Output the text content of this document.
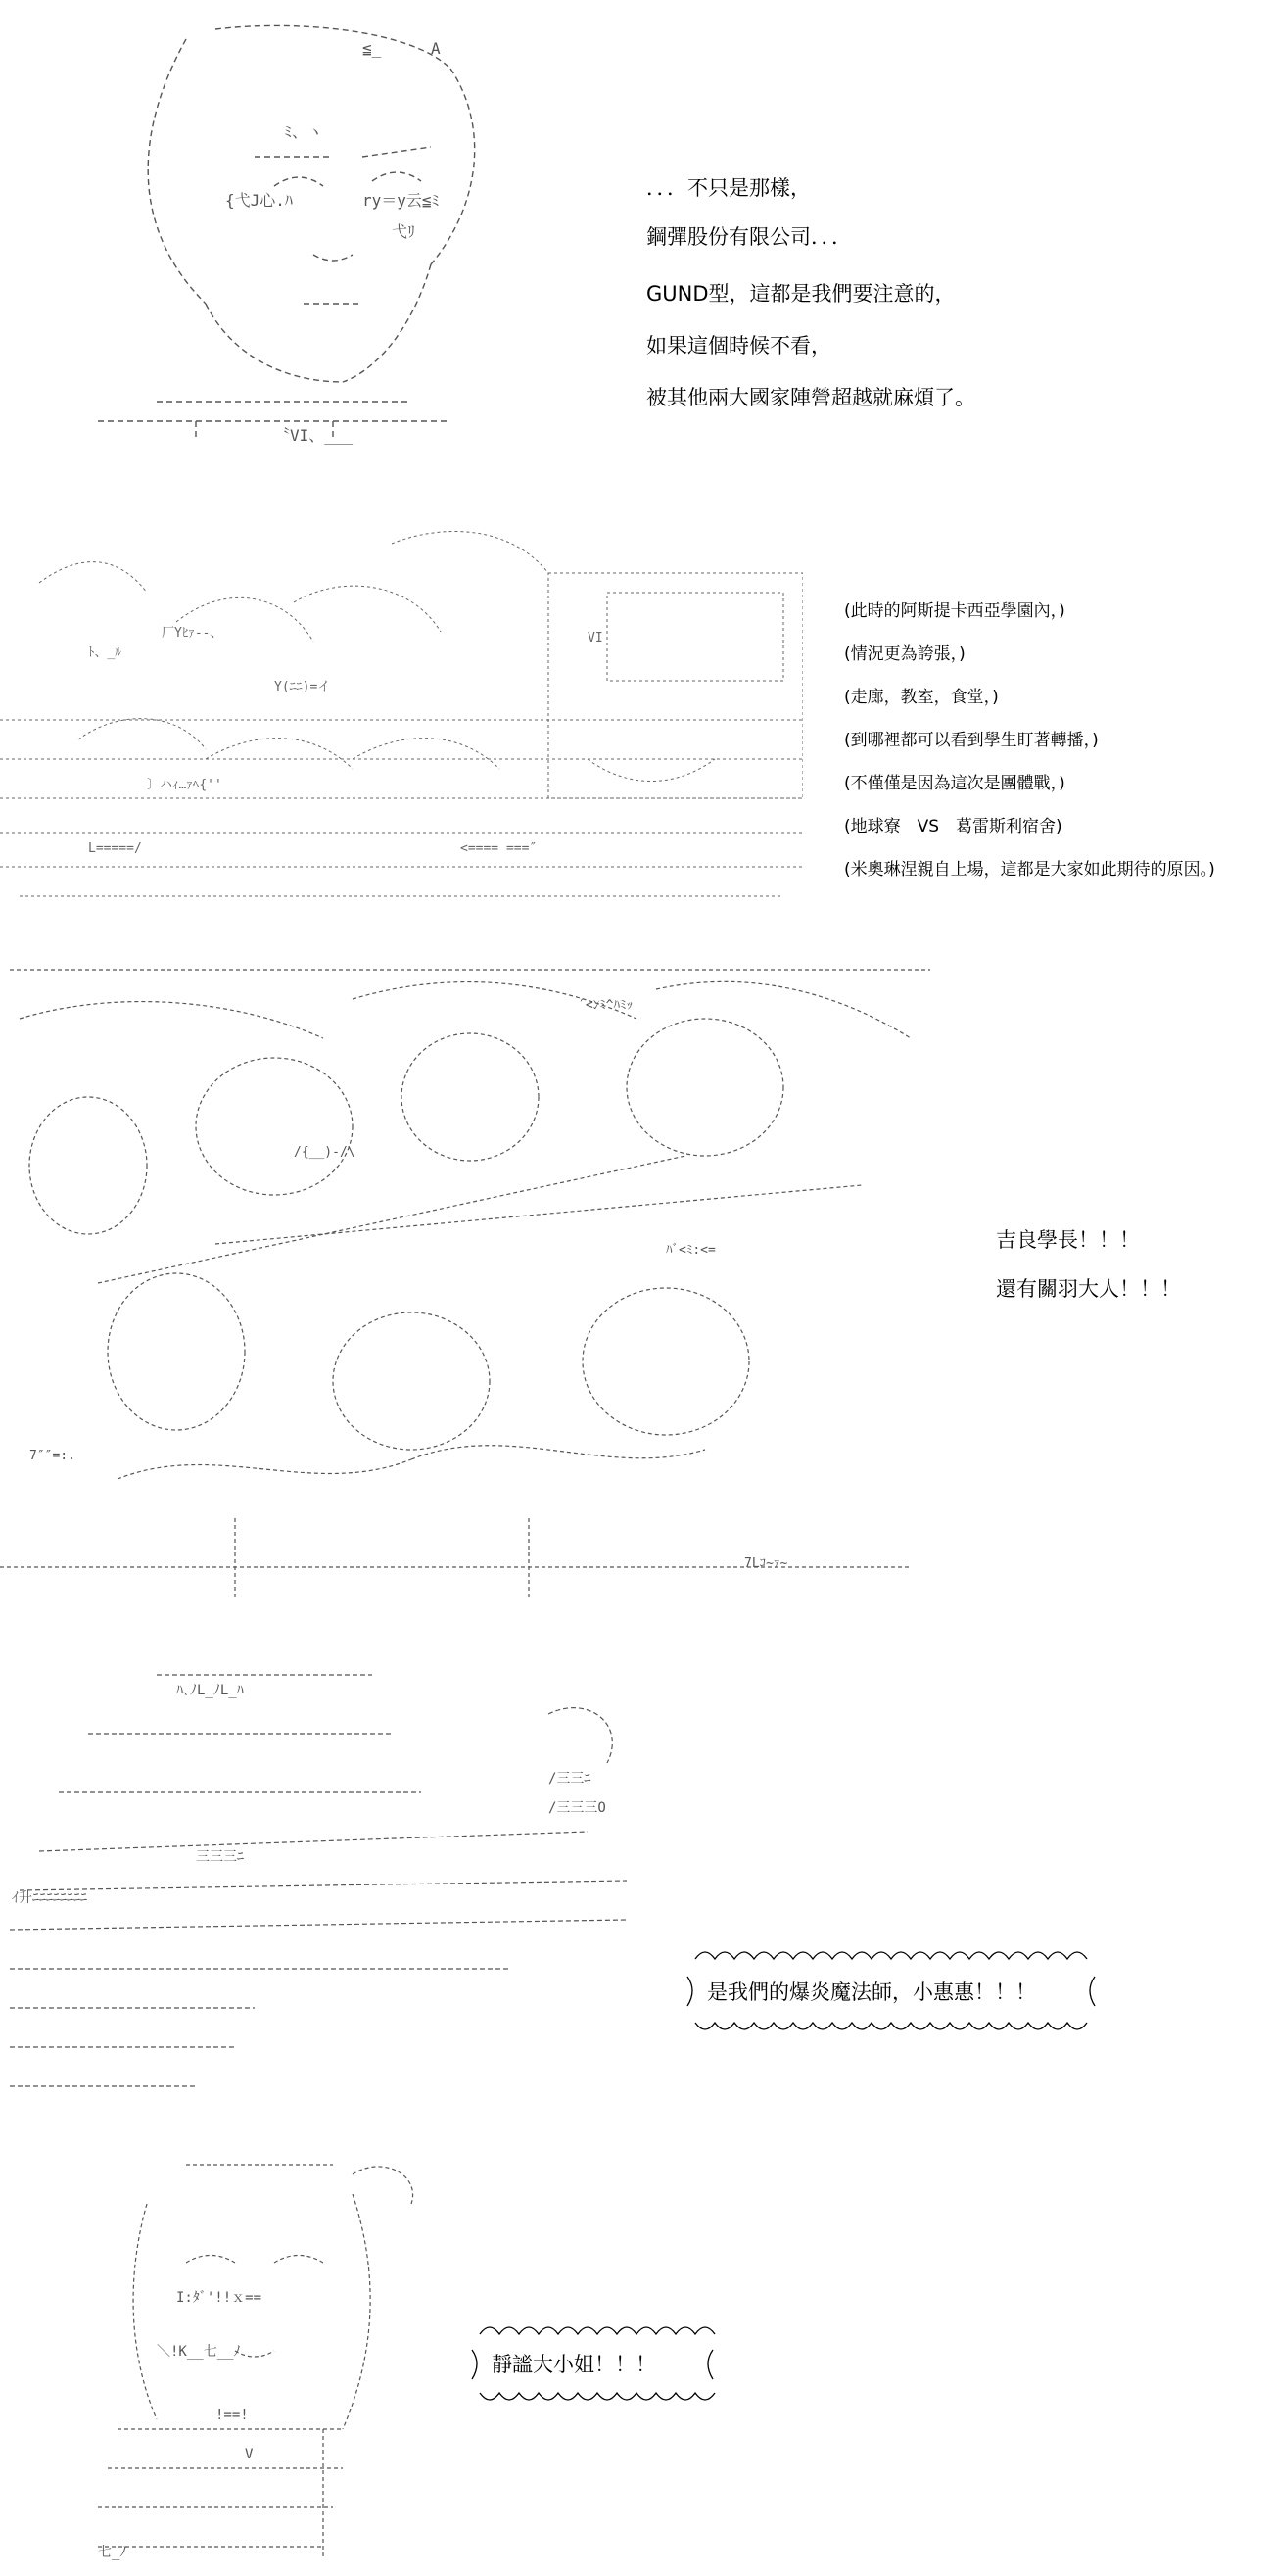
≦_	A
ﾐ、ヽ
ry＝y云≦ﾐ
弋ﾘ
{弋J心.ﾊ
〝VI、___
．．．不只是那樣，
鋼彈股份有限公司．．．
GUND型，這都是我們要注意的，
如果這個時候不看，
被其他兩大國家陣營超越就麻煩了。
ﾄ、_ﾙ
厂Yﾋｧ--、
Y(ﾆﾆ)=イ
VI
〕ハｨ…ｧﾍ{''
L=====/	<==== ===″
(此時的阿斯提卡西亞學園內，)
(情況更為誇張，)
(走廊，教室，食堂，)
(到哪裡都可以看到學生盯著轉播，)
(不僅僅是因為這次是團體戰，)
(地球寮　VS　葛雷斯利宿舍)
(米奧琳涅親自上場，這都是大家如此期待的原因。)
′<ﾝﾐ^ﾊﾐｯ
/{__)-/\
ﾊﾞ<ﾐ:<=
7″″=:.
7Lｺ~ｧ~
吉良學長！！！
還有關羽大人！！！
ﾊ､ﾉL_ﾉL_ﾊ
/三三ﾆ
/三三三O
三三三ﾆ
ｲ升ﾆﾆﾆﾆﾆﾆﾆﾆ
是我們的爆炎魔法師，小惠惠！！！
I:ﾀﾞ'!!ｘ==
＼!K__七__ﾉ
!==!
V
七_ﾉ
靜謐大小姐！！！
